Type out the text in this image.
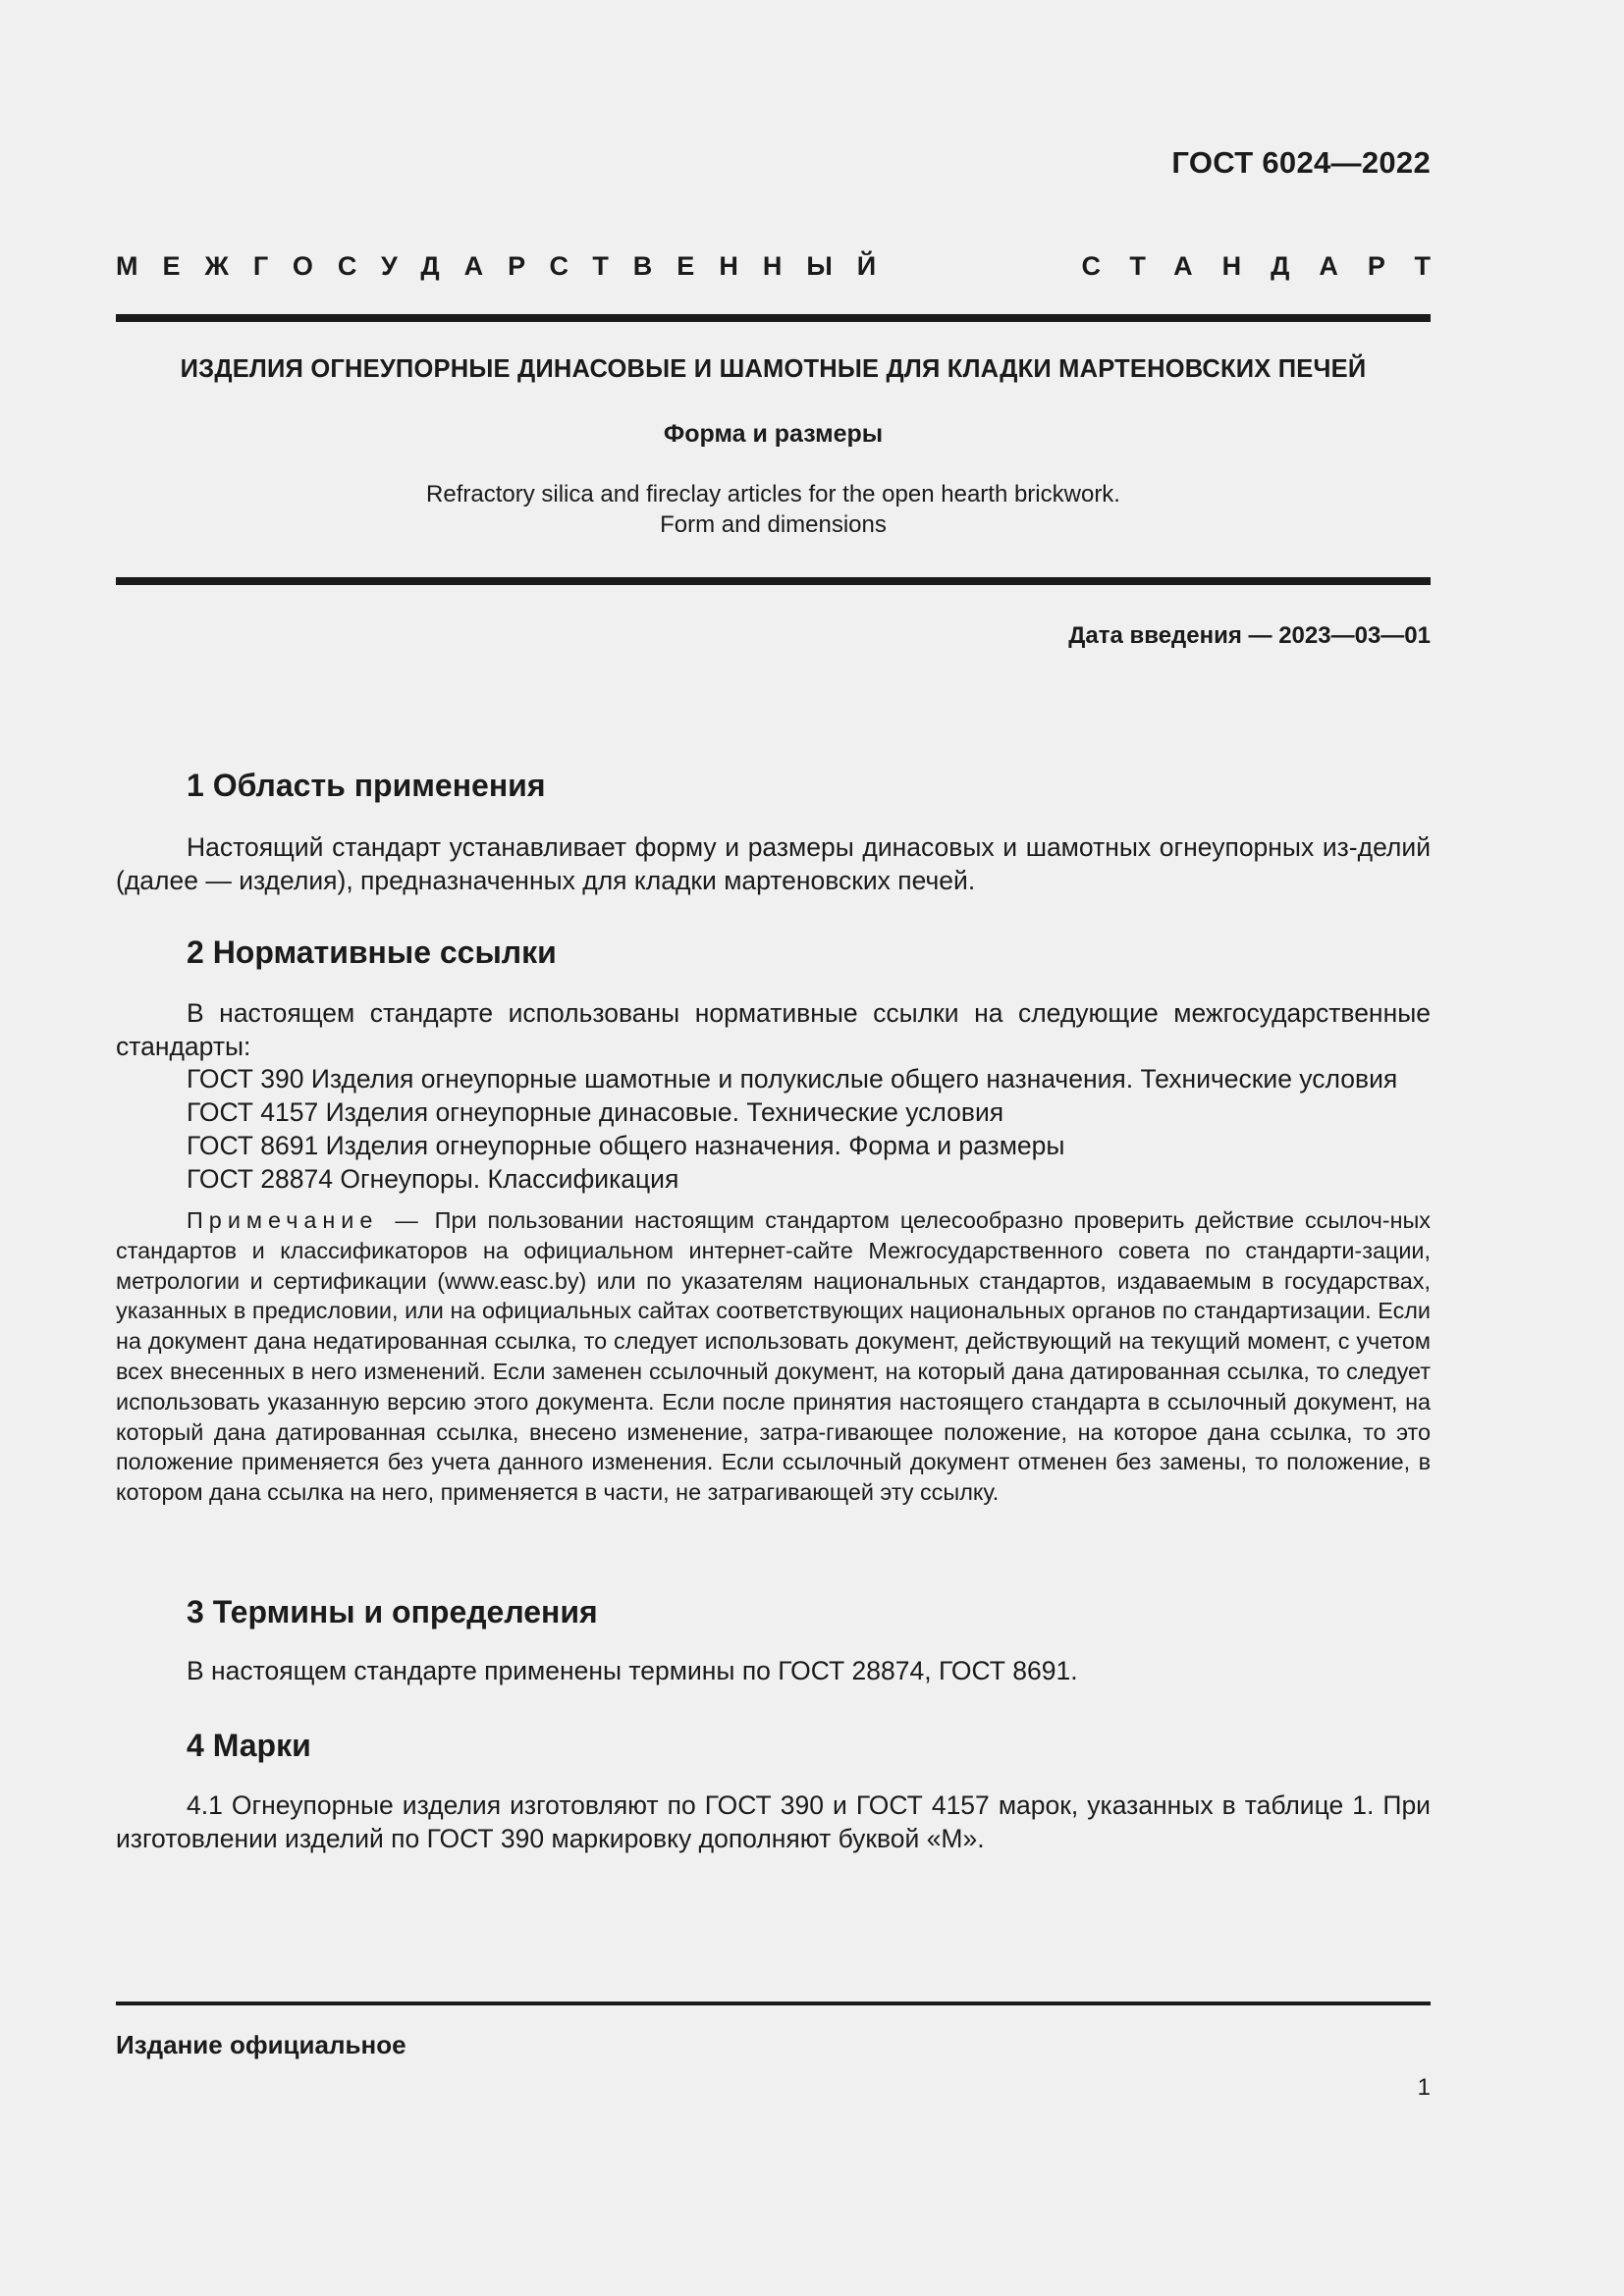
ГОСТ 6024—2022
МЕЖГОСУДАРСТВЕННЫЙ	СТАНДАРТ
ИЗДЕЛИЯ ОГНЕУПОРНЫЕ ДИНАСОВЫЕ И ШАМОТНЫЕ ДЛЯ КЛАДКИ МАРТЕНОВСКИХ ПЕЧЕЙ
Форма и размеры
Refractory silica and fireclay articles for the open hearth brickwork.
Form and dimensions
Дата введения — 2023—03—01
1 Область применения
Настоящий стандарт устанавливает форму и размеры динасовых и шамотных огнеупорных из-делий (далее — изделия), предназначенных для кладки мартеновских печей.
2 Нормативные ссылки
В настоящем стандарте использованы нормативные ссылки на следующие межгосударственные стандарты:
ГОСТ 390 Изделия огнеупорные шамотные и полукислые общего назначения. Технические условия
ГОСТ 4157 Изделия огнеупорные динасовые. Технические условия
ГОСТ 8691 Изделия огнеупорные общего назначения. Форма и размеры
ГОСТ 28874 Огнеупоры. Классификация
Примечание — При пользовании настоящим стандартом целесообразно проверить действие ссылоч-ных стандартов и классификаторов на официальном интернет-сайте Межгосударственного совета по стандарти-зации, метрологии и сертификации (www.easc.by) или по указателям национальных стандартов, издаваемым в государствах, указанных в предисловии, или на официальных сайтах соответствующих национальных органов по стандартизации. Если на документ дана недатированная ссылка, то следует использовать документ, действующий на текущий момент, с учетом всех внесенных в него изменений. Если заменен ссылочный документ, на который дана датированная ссылка, то следует использовать указанную версию этого документа. Если после принятия настоящего стандарта в ссылочный документ, на который дана датированная ссылка, внесено изменение, затра-гивающее положение, на которое дана ссылка, то это положение применяется без учета данного изменения. Если ссылочный документ отменен без замены, то положение, в котором дана ссылка на него, применяется в части, не затрагивающей эту ссылку.
3 Термины и определения
В настоящем стандарте применены термины по ГОСТ 28874, ГОСТ 8691.
4 Марки
4.1 Огнеупорные изделия изготовляют по ГОСТ 390 и ГОСТ 4157 марок, указанных в таблице 1. При изготовлении изделий по ГОСТ 390 маркировку дополняют буквой «М».
Издание официальное
1
